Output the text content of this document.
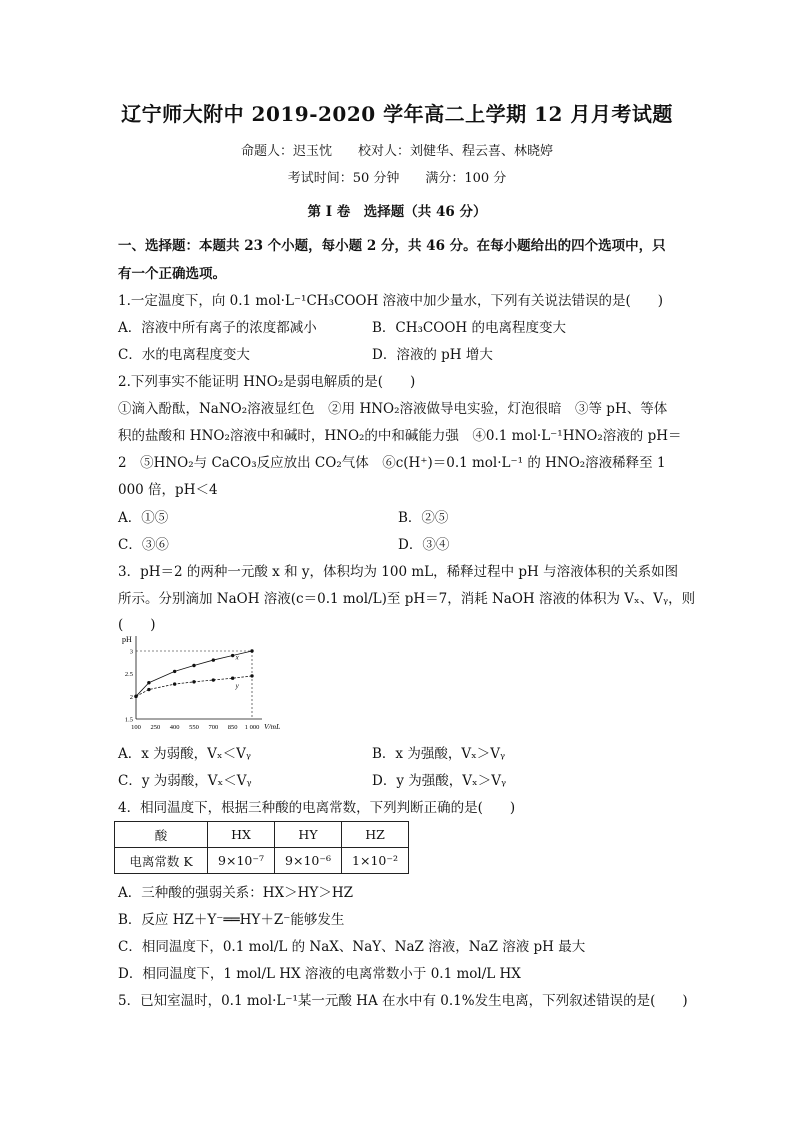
辽宁师大附中 2019-2020 学年高二上学期 12 月月考试题
命题人：迟玉忱　　校对人：刘健华、程云喜、林晓婷
考试时间：50 分钟　　满分：100 分
第 Ⅰ 卷　选择题（共 46 分）
一、选择题：本题共 23 个小题，每小题 2 分，共 46 分。在每小题给出的四个选项中，只
有一个正确选项。
1.一定温度下，向 0.1 mol·L⁻¹CH₃COOH 溶液中加少量水，下列有关说法错误的是(　　)
A．溶液中所有离子的浓度都减小	B．CH₃COOH 的电离程度变大
C．水的电离程度变大	D．溶液的 pH 增大
2.下列事实不能证明 HNO₂是弱电解质的是(　　)
①滴入酚酞，NaNO₂溶液显红色　②用 HNO₂溶液做导电实验，灯泡很暗　③等 pH、等体
积的盐酸和 HNO₂溶液中和碱时，HNO₂的中和碱能力强　④0.1 mol·L⁻¹HNO₂溶液的 pH＝
2　⑤HNO₂与 CaCO₃反应放出 CO₂气体　⑥c(H⁺)＝0.1 mol·L⁻¹ 的 HNO₂溶液稀释至 1
000 倍，pH＜4
A．①⑤	B．②⑤
C．③⑥	D．③④
3．pH＝2 的两种一元酸 x 和 y，体积均为 100 mL，稀释过程中 pH 与溶液体积的关系如图
所示。分别滴加 NaOH 溶液(c＝0.1 mol/L)至 pH＝7，消耗 NaOH 溶液的体积为 Vₓ、Vᵧ，则
(　　)
pH
V/mL
100 250 400 550 700 850 1 000
1.5
2
2.5
3
x
y
A．x 为弱酸，Vₓ＜Vᵧ	B．x 为强酸，Vₓ＞Vᵧ
C．y 为弱酸，Vₓ＜Vᵧ	D．y 为强酸，Vₓ＞Vᵧ
4．相同温度下，根据三种酸的电离常数，下列判断正确的是(　　)
酸	HX	HY	HZ
电离常数 K	9×10⁻⁷	9×10⁻⁶	1×10⁻²
A．三种酸的强弱关系：HX＞HY＞HZ
B．反应 HZ＋Y⁻══HY＋Z⁻能够发生
C．相同温度下，0.1 mol/L 的 NaX、NaY、NaZ 溶液，NaZ 溶液 pH 最大
D．相同温度下，1 mol/L HX 溶液的电离常数小于 0.1 mol/L HX
5．已知室温时，0.1 mol·L⁻¹某一元酸 HA 在水中有 0.1%发生电离，下列叙述错误的是(　　)
